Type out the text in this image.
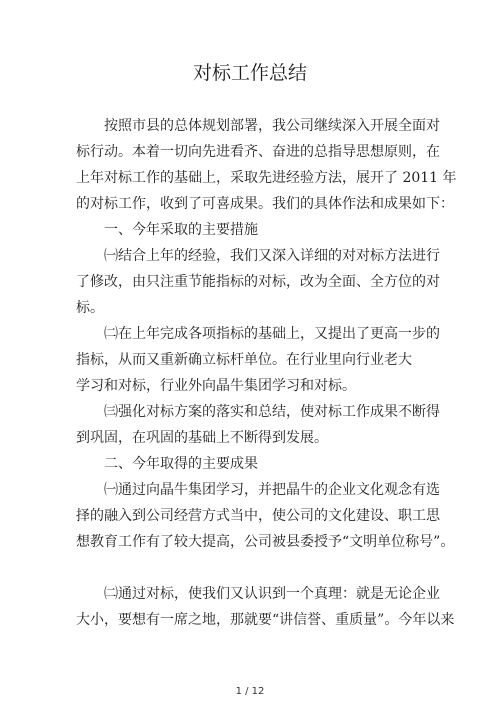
对标工作总结
按照市县的总体规划部署，我公司继续深入开展全面对
标行动。本着一切向先进看齐、奋进的总指导思想原则，在
上年对标工作的基础上，采取先进经验方法，展开了 2011 年
的对标工作，收到了可喜成果。我们的具体作法和成果如下：
一、今年采取的主要措施
㈠结合上年的经验，我们又深入详细的对对标方法进行
了修改，由只注重节能指标的对标，改为全面、全方位的对
标。
㈡在上年完成各项指标的基础上，又提出了更高一步的
指标，从而又重新确立标杆单位。在行业里向行业老大
学习和对标，行业外向晶牛集团学习和对标。
㈢强化对标方案的落实和总结，使对标工作成果不断得
到巩固，在巩固的基础上不断得到发展。
二、今年取得的主要成果
㈠通过向晶牛集团学习，并把晶牛的企业文化观念有选
择的融入到公司经营方式当中，使公司的文化建设、职工思
想教育工作有了较大提高，公司被县委授予“文明单位称号”。
㈡通过对标，使我们又认识到一个真理：就是无论企业
大小，要想有一席之地，那就要“讲信誉、重质量”。今年以来
1 / 12
